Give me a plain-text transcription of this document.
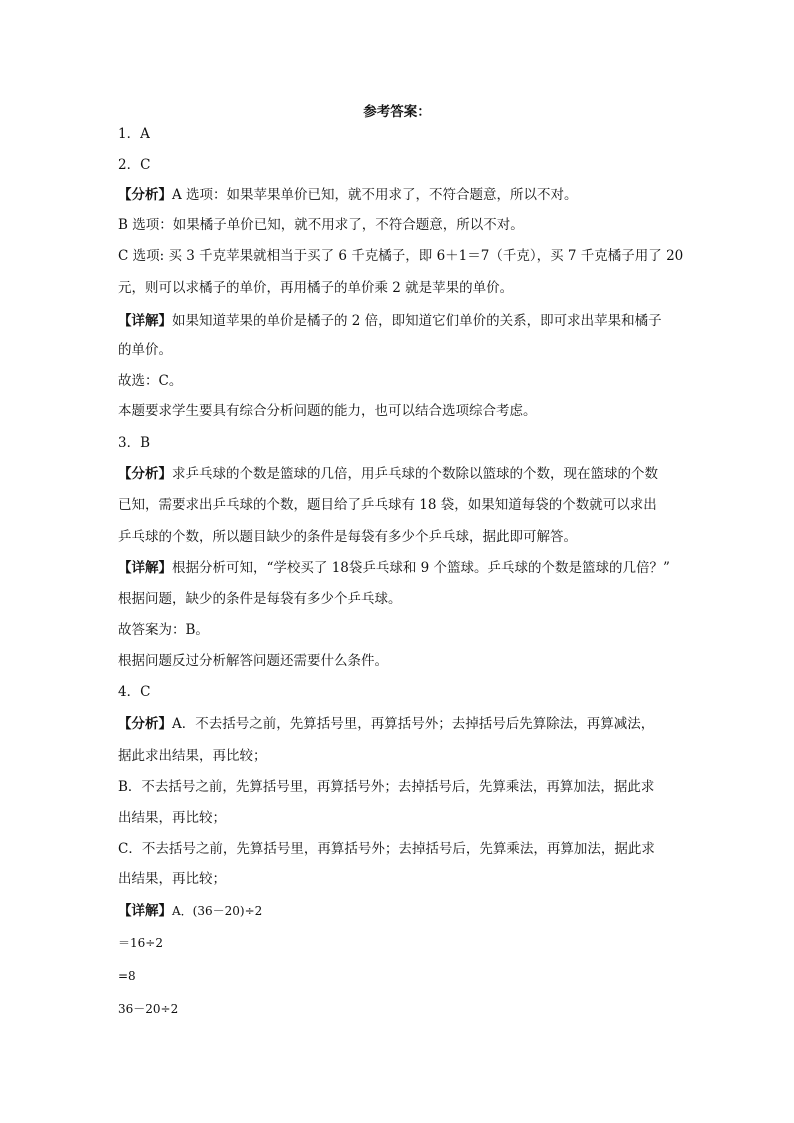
参考答案：
1．A
2．C
【分析】A 选项：如果苹果单价已知，就不用求了，不符合题意，所以不对。
B 选项：如果橘子单价已知，就不用求了，不符合题意，所以不对。
C 选项: 买 3 千克苹果就相当于买了 6 千克橘子，即 6＋1＝7（千克），买 7 千克橘子用了 20
元，则可以求橘子的单价，再用橘子的单价乘 2 就是苹果的单价。
【详解】如果知道苹果的单价是橘子的 2 倍，即知道它们单价的关系，即可求出苹果和橘子
的单价。
故选：C。
本题要求学生要具有综合分析问题的能力，也可以结合选项综合考虑。
3．B
【分析】求乒乓球的个数是篮球的几倍，用乒乓球的个数除以篮球的个数，现在篮球的个数
已知，需要求出乒乓球的个数，题目给了乒乓球有 18 袋，如果知道每袋的个数就可以求出
乒乓球的个数，所以题目缺少的条件是每袋有多少个乒乓球，据此即可解答。
【详解】根据分析可知，“学校买了 18袋乒乓球和 9 个篮球。乒乓球的个数是篮球的几倍？”
根据问题，缺少的条件是每袋有多少个乒乓球。
故答案为：B。
根据问题反过分析解答问题还需要什么条件。
4．C
【分析】A．不去括号之前，先算括号里，再算括号外；去掉括号后先算除法，再算减法，
据此求出结果，再比较；
B．不去括号之前，先算括号里，再算括号外；去掉括号后，先算乘法，再算加法，据此求
出结果，再比较；
C．不去括号之前，先算括号里，再算括号外；去掉括号后，先算乘法，再算加法，据此求
出结果，再比较；
【详解】A．(36－20)÷2
＝16÷2
=8
36－20÷2
